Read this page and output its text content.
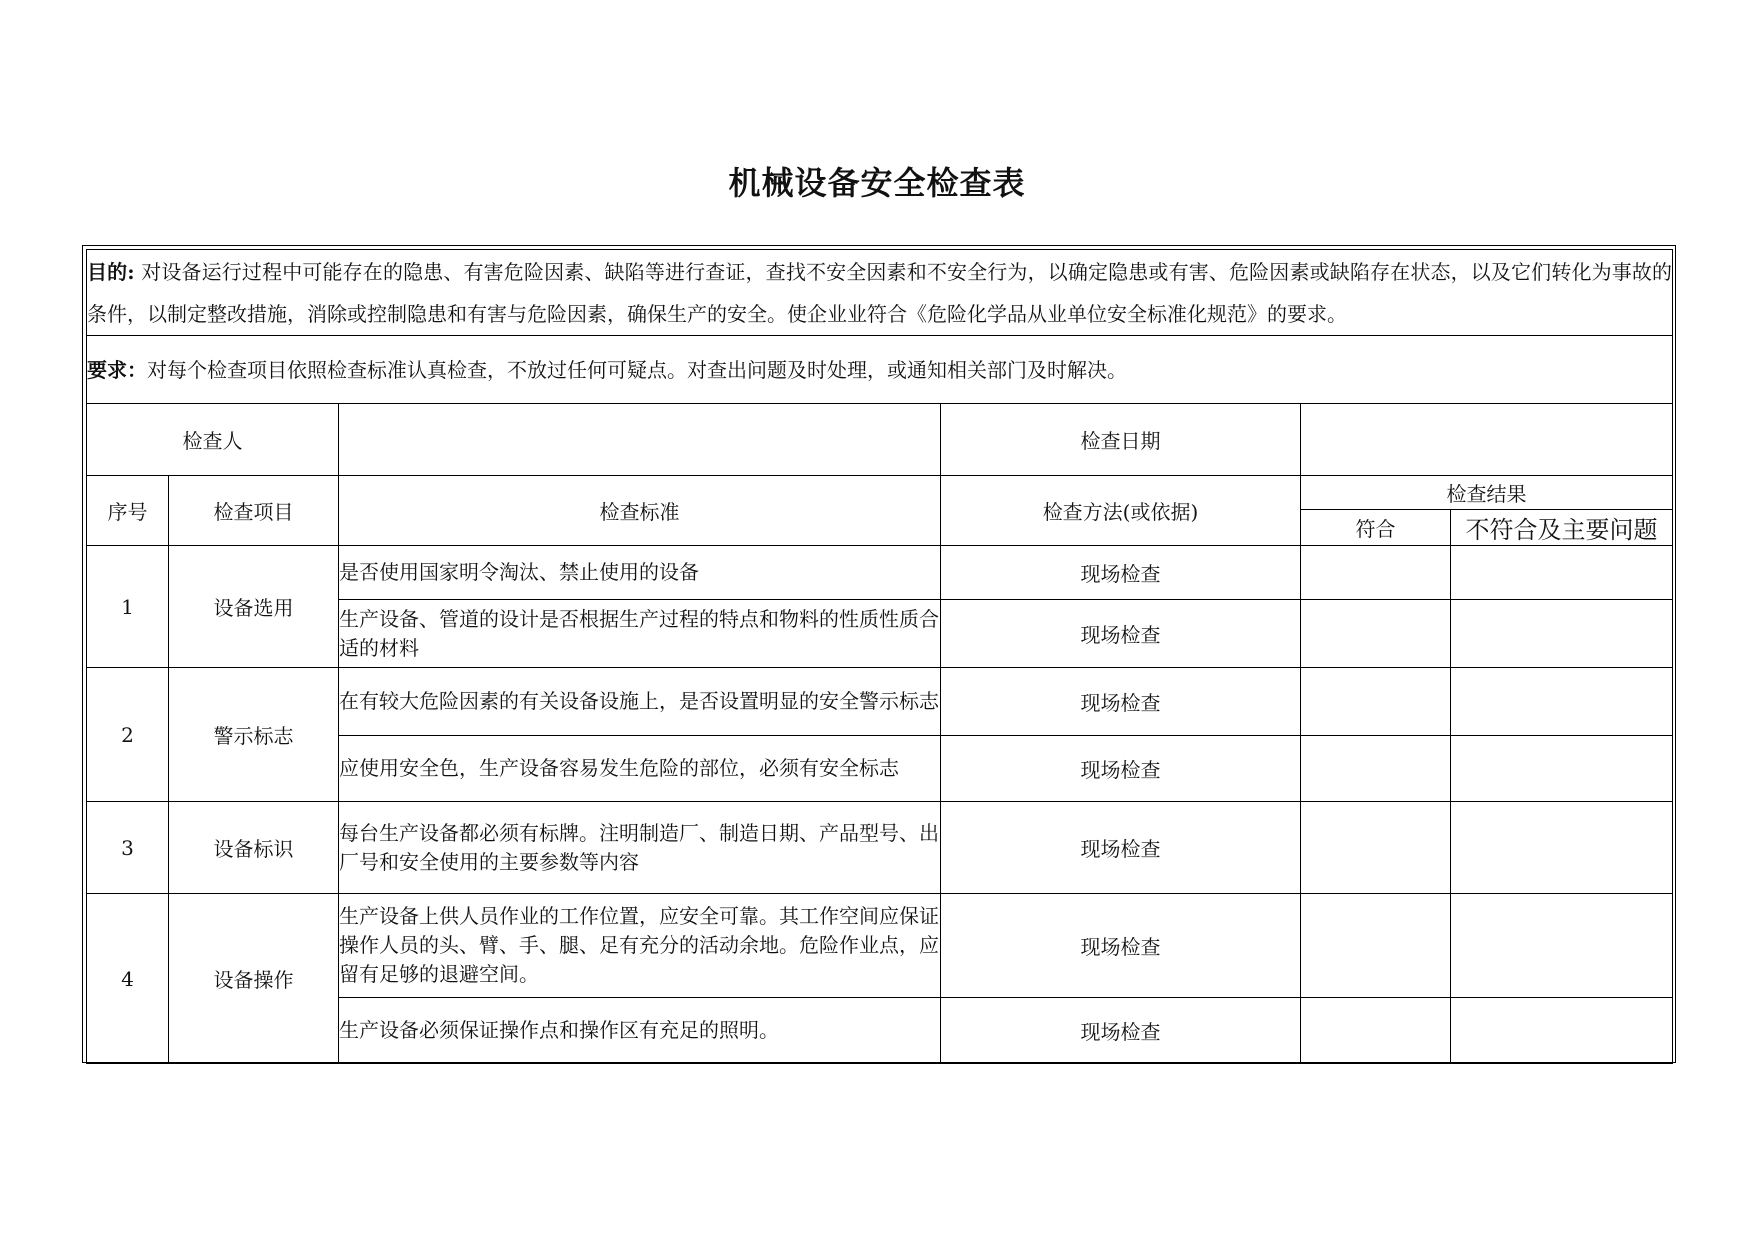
机械设备安全检查表
目的: 对设备运行过程中可能存在的隐患、有害危险因素、缺陷等进行查证，查找不安全因素和不安全行为，以确定隐患或有害、危险因素或缺陷存在状态，以及它们转化为事故的条件，以制定整改措施，消除或控制隐患和有害与危险因素，确保生产的安全。使企业业符合《危险化学品从业单位安全标准化规范》的要求。					
要求：对每个检查项目依照检查标准认真检查，不放过任何可疑点。对查出问题及时处理，或通知相关部门及时解决。					
检查人			检查日期		
序号	检查项目	检查标准	检查方法(或依据)	检查结果	
				符合	不符合及主要问题
1	设备选用	是否使用国家明令淘汰、禁止使用的设备	现场检查		
		生产设备、管道的设计是否根据生产过程的特点和物料的性质性质合适的材料	现场检查		
2	警示标志	在有较大危险因素的有关设备设施上，是否设置明显的安全警示标志	现场检查		
		应使用安全色，生产设备容易发生危险的部位，必须有安全标志	现场检查		
3	设备标识	每台生产设备都必须有标牌。注明制造厂、制造日期、产品型号、出厂号和安全使用的主要参数等内容	现场检查		
4	设备操作	生产设备上供人员作业的工作位置，应安全可靠。其工作空间应保证操作人员的头、臂、手、腿、足有充分的活动余地。危险作业点，应留有足够的退避空间。	现场检查		
		生产设备必须保证操作点和操作区有充足的照明。	现场检查		
